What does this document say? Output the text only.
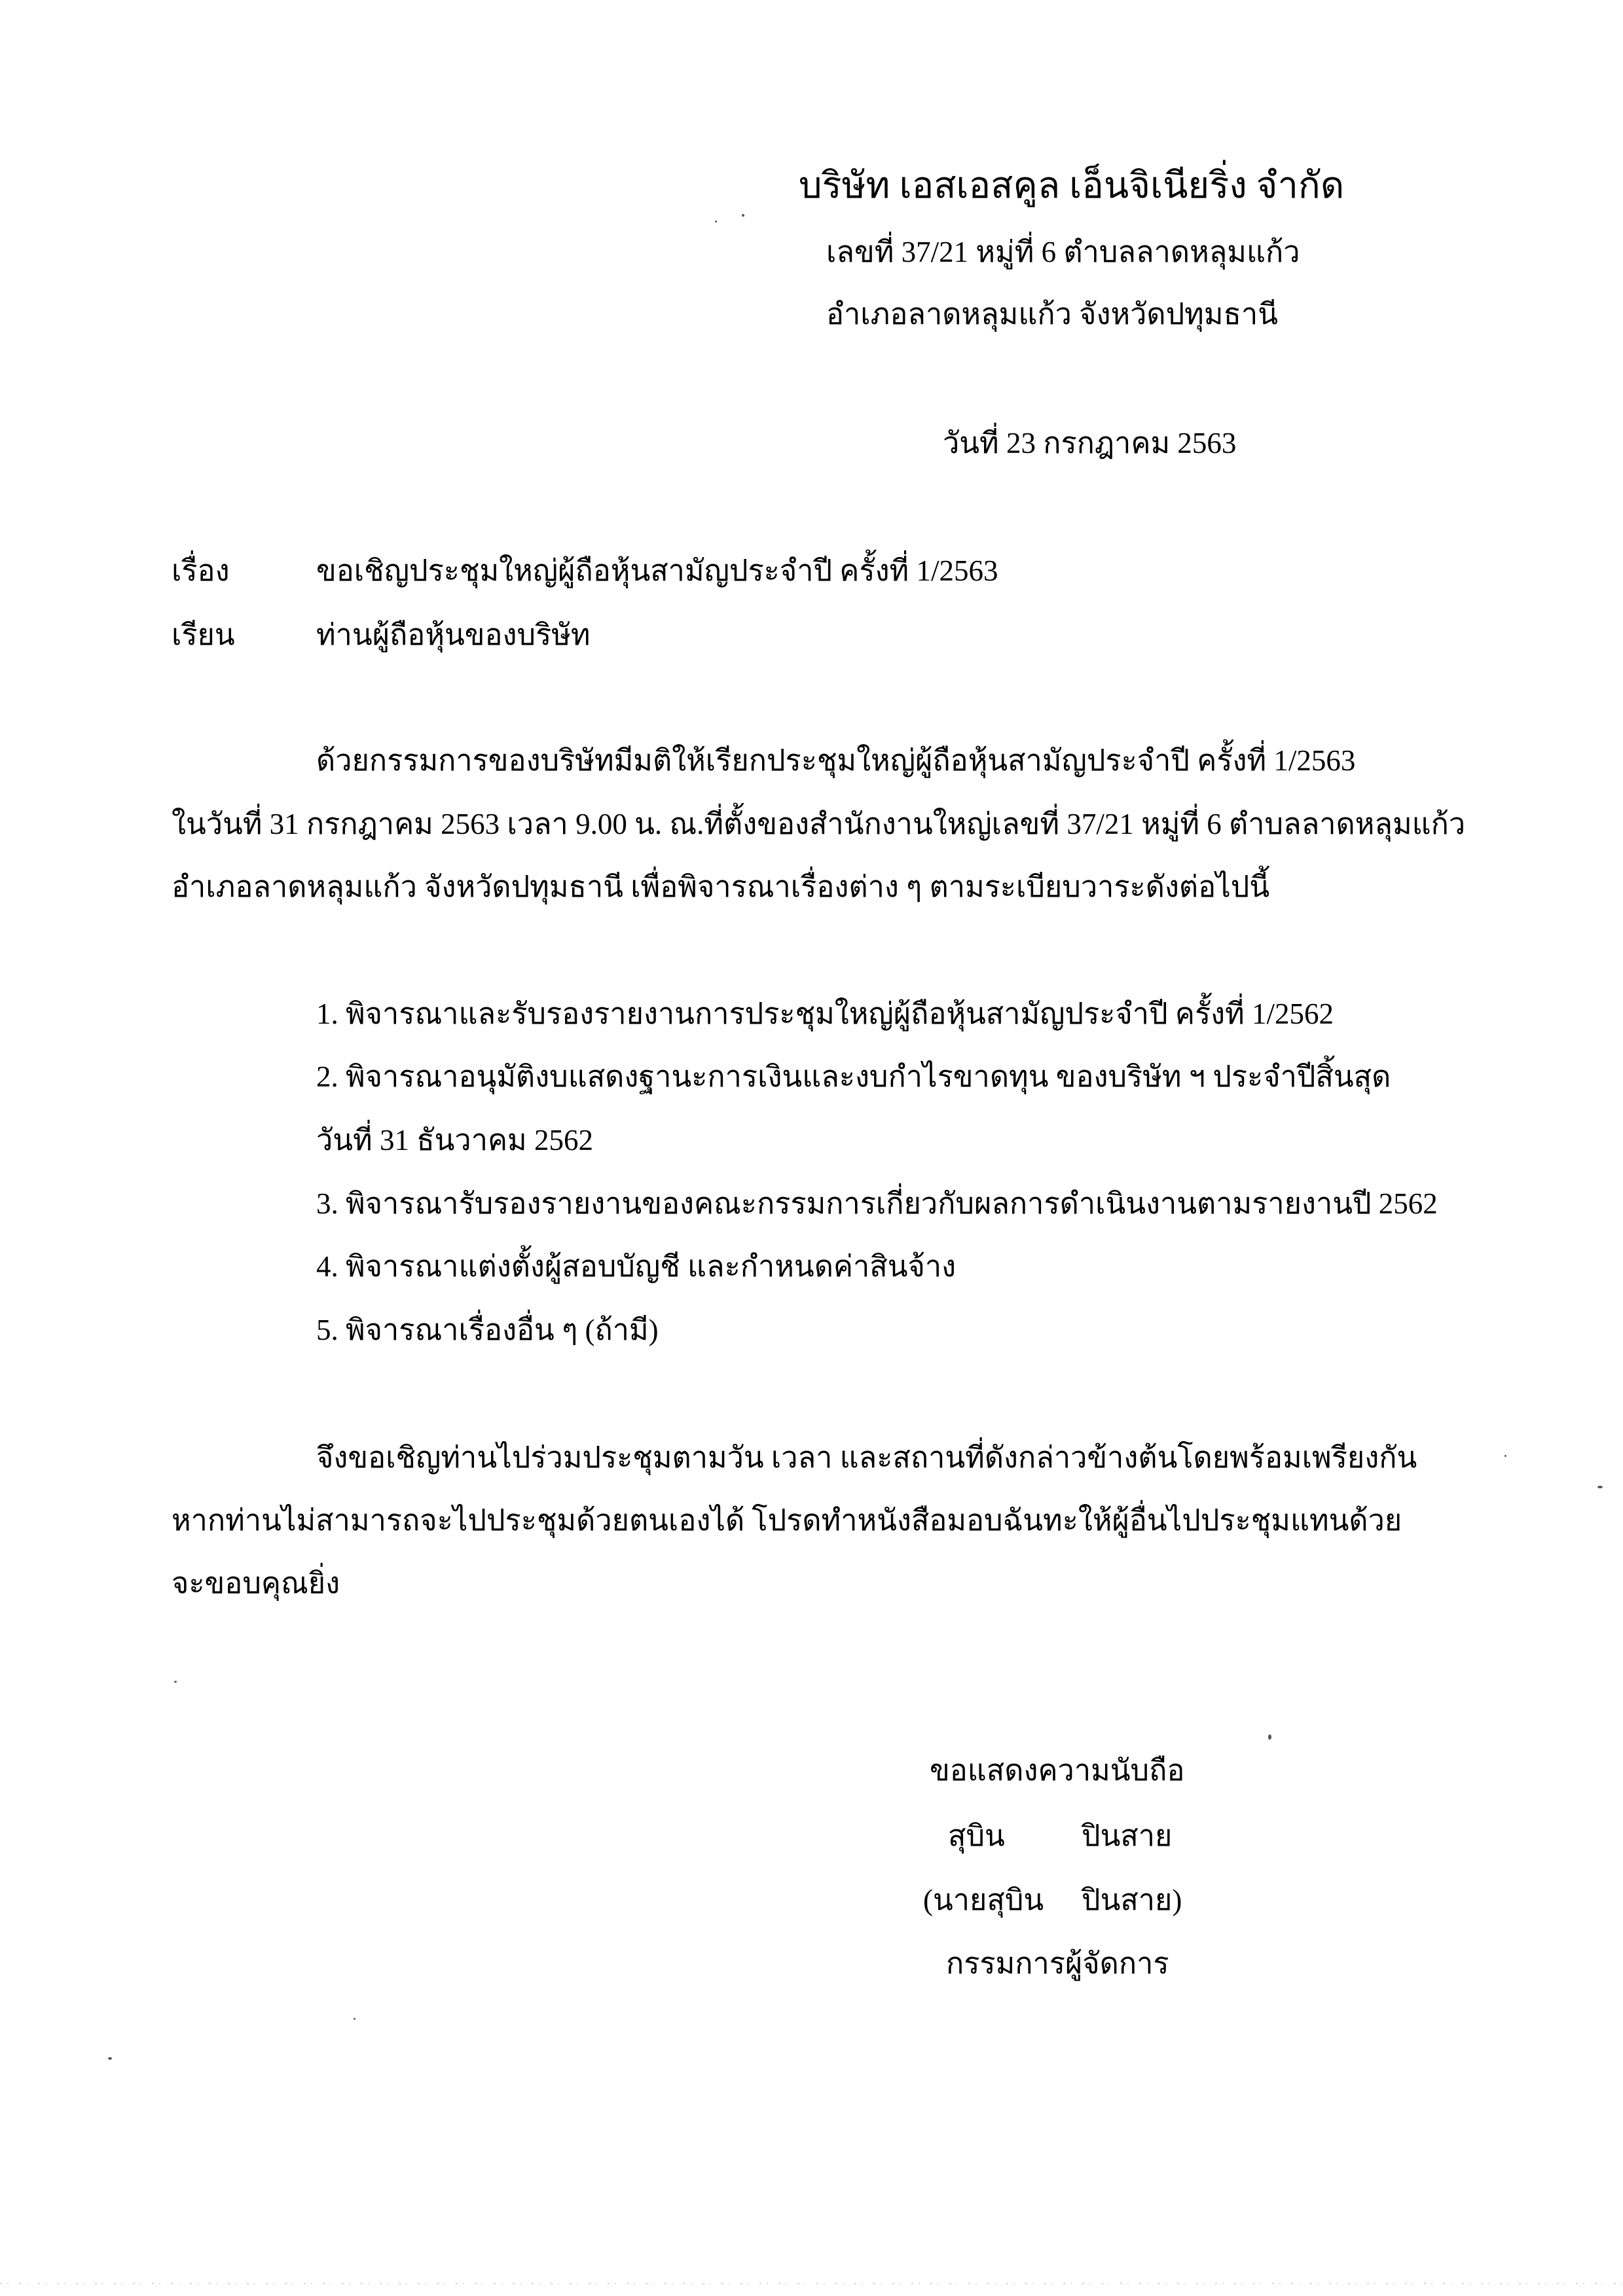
บริษัท เอสเอสคูล เอ็นจิเนียริ่ง จำกัด
เลขที่ 37/21 หมู่ที่ 6 ตำบลลาดหลุมแก้ว
อำเภอลาดหลุมแก้ว จังหวัดปทุมธานี
วันที่ 23 กรกฎาคม 2563
เรื่อง	ขอเชิญประชุมใหญ่ผู้ถือหุ้นสามัญประจำปี ครั้งที่ 1/2563
เรียน	ท่านผู้ถือหุ้นของบริษัท
ด้วยกรรมการของบริษัทมีมติให้เรียกประชุมใหญ่ผู้ถือหุ้นสามัญประจำปี ครั้งที่ 1/2563
ในวันที่ 31 กรกฎาคม 2563 เวลา 9.00 น. ณ.ที่ตั้งของสำนักงานใหญ่เลขที่ 37/21 หมู่ที่ 6 ตำบลลาดหลุมแก้ว
อำเภอลาดหลุมแก้ว จังหวัดปทุมธานี เพื่อพิจารณาเรื่องต่าง ๆ ตามระเบียบวาระดังต่อไปนี้
1. พิจารณาและรับรองรายงานการประชุมใหญ่ผู้ถือหุ้นสามัญประจำปี ครั้งที่ 1/2562
2. พิจารณาอนุมัติงบแสดงฐานะการเงินและงบกำไรขาดทุน ของบริษัท ฯ ประจำปีสิ้นสุด
วันที่ 31 ธันวาคม 2562
3. พิจารณารับรองรายงานของคณะกรรมการเกี่ยวกับผลการดำเนินงานตามรายงานปี 2562
4. พิจารณาแต่งตั้งผู้สอบบัญชี และกำหนดค่าสินจ้าง
5. พิจารณาเรื่องอื่น ๆ (ถ้ามี)
จึงขอเชิญท่านไปร่วมประชุมตามวัน เวลา และสถานที่ดังกล่าวข้างต้นโดยพร้อมเพรียงกัน
หากท่านไม่สามารถจะไปประชุมด้วยตนเองได้ โปรดทำหนังสือมอบฉันทะให้ผู้อื่นไปประชุมแทนด้วย
จะขอบคุณยิ่ง
ขอแสดงความนับถือ
สุบิน	ปินสาย
(นายสุบิน ปินสาย)
กรรมการผู้จัดการ
